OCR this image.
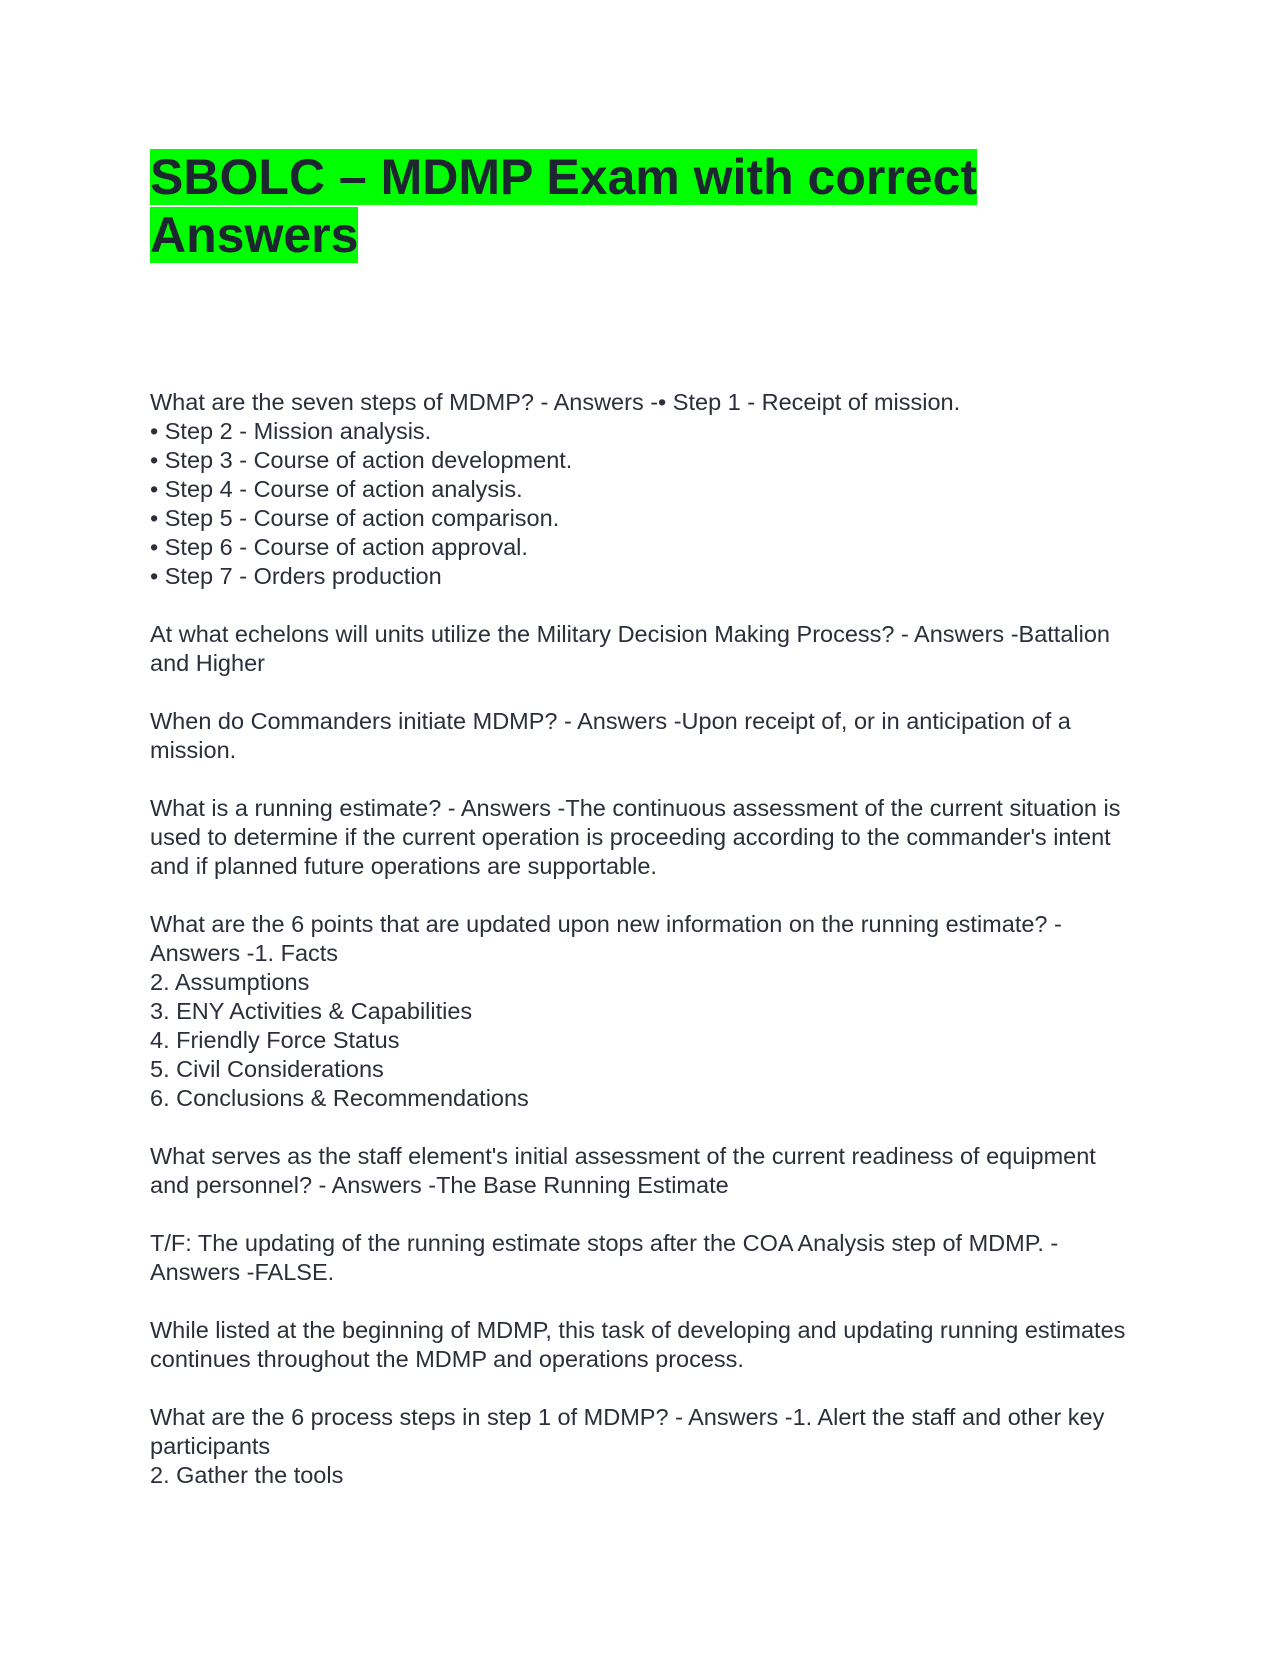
SBOLC – MDMP Exam with correct Answers

What are the seven steps of MDMP? - Answers -• Step 1 - Receipt of mission.
• Step 2 - Mission analysis.
• Step 3 - Course of action development.
• Step 4 - Course of action analysis.
• Step 5 - Course of action comparison.
• Step 6 - Course of action approval.
• Step 7 - Orders production

At what echelons will units utilize the Military Decision Making Process? - Answers -Battalion and Higher

When do Commanders initiate MDMP? - Answers -Upon receipt of, or in anticipation of a mission.

What is a running estimate? - Answers -The continuous assessment of the current situation is used to determine if the current operation is proceeding according to the commander's intent and if planned future operations are supportable.

What are the 6 points that are updated upon new information on the running estimate? - Answers -1. Facts
2. Assumptions
3. ENY Activities & Capabilities
4. Friendly Force Status
5. Civil Considerations
6. Conclusions & Recommendations

What serves as the staff element's initial assessment of the current readiness of equipment and personnel? - Answers -The Base Running Estimate

T/F: The updating of the running estimate stops after the COA Analysis step of MDMP. - Answers -FALSE.

While listed at the beginning of MDMP, this task of developing and updating running estimates continues throughout the MDMP and operations process.

What are the 6 process steps in step 1 of MDMP? - Answers -1. Alert the staff and other key participants
2. Gather the tools
